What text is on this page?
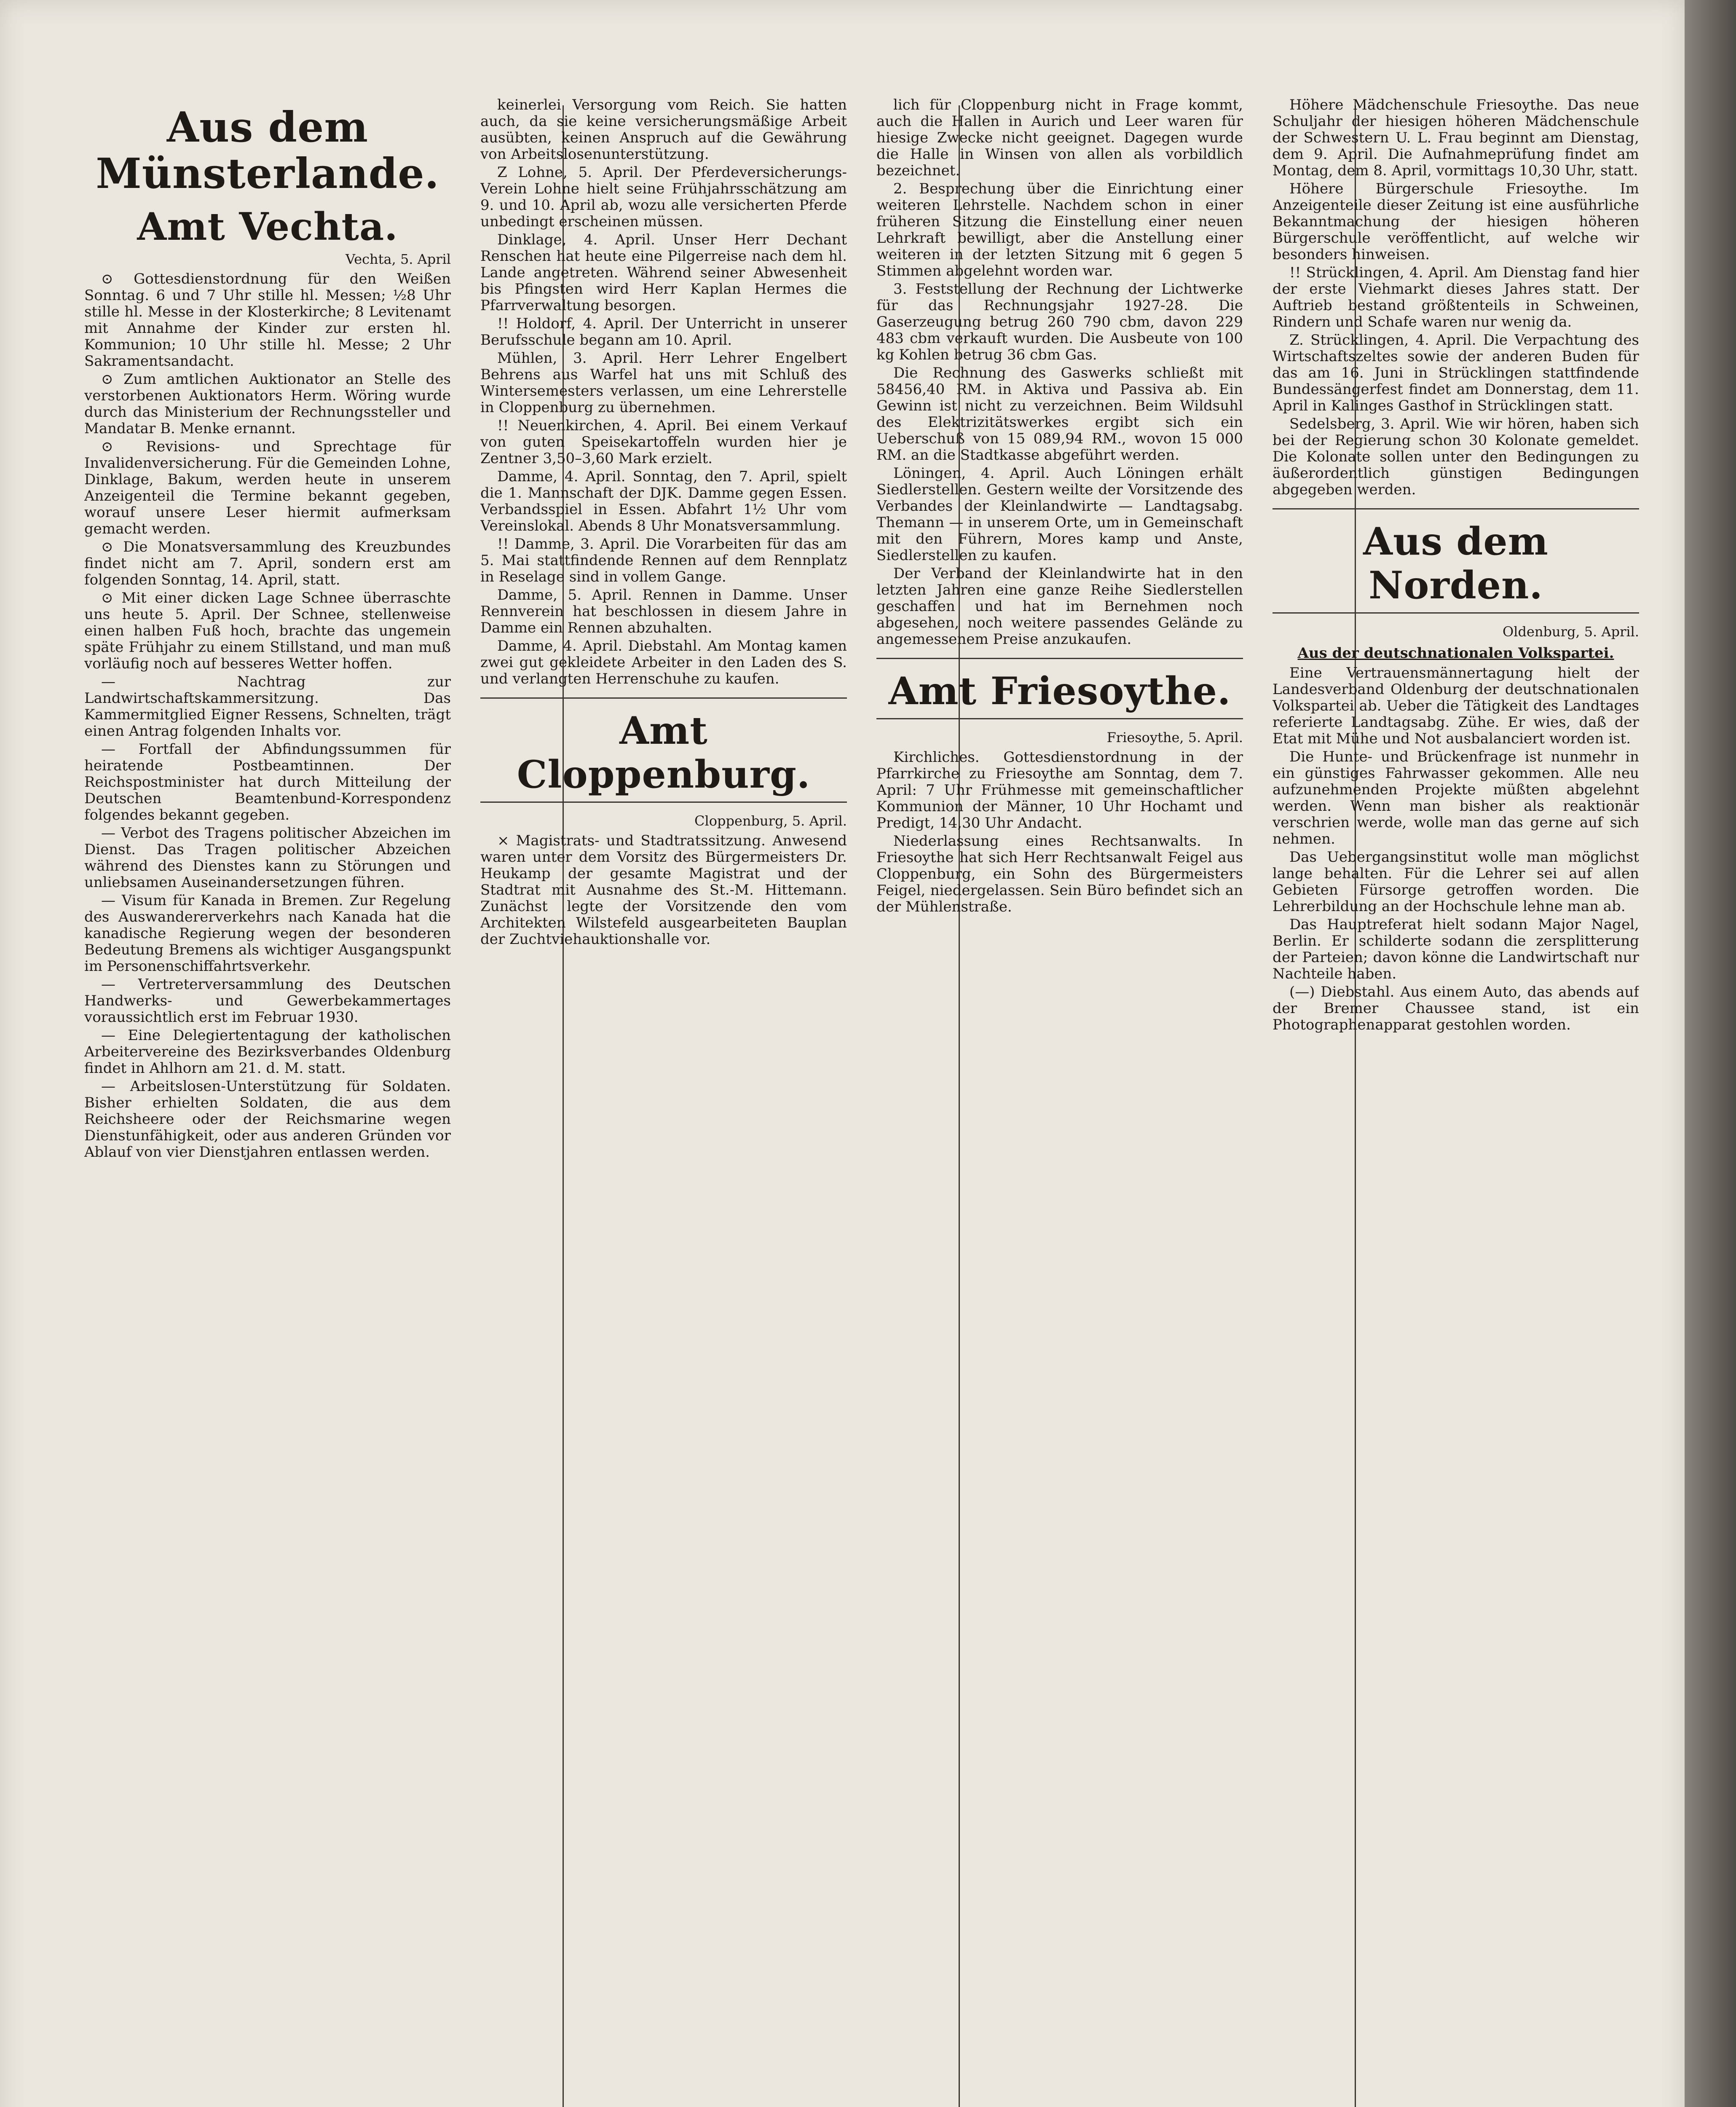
Aus dem Münsterlande.
Amt Vechta.
Vechta, 5. April

⊙ Gottesdienstordnung für den Weißen Sonntag. 6 und 7 Uhr stille hl. Messen; ½8 Uhr stille hl. Messe in der Klosterkirche; 8 Levitenamt mit Annahme der Kinder zur ersten hl. Kommunion; 10 Uhr stille hl. Messe; 2 Uhr Sakramentsandacht.

⊙ Zum amtlichen Auktionator an Stelle des verstorbenen Auktionators Herm. Wöring wurde durch das Ministerium der Rechnungssteller und Mandatar B. Menke ernannt.

⊙ Revisions- und Sprechtage für Invalidenversicherung. Für die Gemeinden Lohne, Dinklage, Bakum, werden heute in unserem Anzeigenteil die Termine bekannt gegeben, worauf unsere Leser hiermit aufmerksam gemacht werden.

⊙ Die Monatsversammlung des Kreuzbundes findet nicht am 7. April, sondern erst am folgenden Sonntag, 14. April, statt.

⊙ Mit einer dicken Lage Schnee überraschte uns heute 5. April. Der Schnee, stellenweise einen halben Fuß hoch, brachte das ungemein späte Frühjahr zu einem Stillstand, und man muß vorläufig noch auf besseres Wetter hoffen.

— Nachtrag zur Landwirtschaftskammersitzung. Das Kammermitglied Eigner Ressens, Schnelten, trägt einen Antrag folgenden Inhalts vor.

— Fortfall der Abfindungssummen für heiratende Postbeamtinnen. Der Reichspostminister hat durch Mitteilung der Deutschen Beamtenbund-Korrespondenz folgendes bekannt gegeben.

— Verbot des Tragens politischer Abzeichen im Dienst. Das Tragen politischer Abzeichen während des Dienstes kann zu Störungen und unliebsamen Auseinandersetzungen führen.

— Visum für Kanada in Bremen. Zur Regelung des Auswandererverkehrs nach Kanada hat die kanadische Regierung wegen der besonderen Bedeutung Bremens als wichtiger Ausgangspunkt im Personenschiffahrtsverkehr.

— Vertreterversammlung des Deutschen Handwerks- und Gewerbekammertages voraussichtlich erst im Februar 1930.

— Eine Delegiertentagung der katholischen Arbeitervereine des Bezirksverbandes Oldenburg findet in Ahlhorn am 21. d. M. statt.

— Arbeitslosen-Unterstützung für Soldaten. Bisher erhielten Soldaten, die aus dem Reichsheere oder der Reichsmarine wegen Dienstunfähigkeit, oder aus anderen Gründen vor Ablauf von vier Dienstjahren entlassen werden.

keinerlei Versorgung vom Reich. Sie hatten auch, da sie keine versicherungsmäßige Arbeit ausübten, keinen Anspruch auf die Gewährung von Arbeitslosenunterstützung.

Z Lohne, 5. April. Der Pferdeversicherungs-Verein Lohne hielt seine Frühjahrsschätzung am 9. und 10. April ab, wozu alle versicherten Pferde unbedingt erscheinen müssen.

Dinklage, 4. April. Unser Herr Dechant Renschen hat heute eine Pilgerreise nach dem hl. Lande angetreten. Während seiner Abwesenheit bis Pfingsten wird Herr Kaplan Hermes die Pfarrverwaltung besorgen.

!! Holdorf, 4. April. Der Unterricht in unserer Berufsschule begann am 10. April.

Mühlen, 3. April. Herr Lehrer Engelbert Behrens aus Warfel hat uns mit Schluß des Wintersemesters verlassen, um eine Lehrerstelle in Cloppenburg zu übernehmen.

!! Neuenkirchen, 4. April. Bei einem Verkauf von guten Speisekartoffeln wurden hier je Zentner 3,50–3,60 Mark erzielt.

Damme, 4. April. Sonntag, den 7. April, spielt die 1. Mannschaft der DJK. Damme gegen Essen. Verbandsspiel in Essen. Abfahrt 1½ Uhr vom Vereinslokal. Abends 8 Uhr Monatsversammlung.

!! Damme, 3. April. Die Vorarbeiten für das am 5. Mai stattfindende Rennen auf dem Rennplatz in Reselage sind in vollem Gange.

Damme, 5. April. Rennen in Damme. Unser Rennverein hat beschlossen in diesem Jahre in Damme ein Rennen abzuhalten.

Damme, 4. April. Diebstahl. Am Montag kamen zwei gut gekleidete Arbeiter in den Laden des S. und verlangten Herrenschuhe zu kaufen.

Amt Cloppenburg.
Cloppenburg, 5. April.

× Magistrats- und Stadtratssitzung. Anwesend waren unter dem Vorsitz des Bürgermeisters Dr. Heukamp der gesamte Magistrat und der Stadtrat mit Ausnahme des St.-M. Hittemann. Zunächst legte der Vorsitzende den vom Architekten Wilstefeld ausgearbeiteten Bauplan der Zuchtviehauktionshalle vor.

lich für Cloppenburg nicht in Frage kommt, auch die Hallen in Aurich und Leer waren für hiesige Zwecke nicht geeignet. Dagegen wurde die Halle in Winsen von allen als vorbildlich bezeichnet.

2. Besprechung über die Einrichtung einer weiteren Lehrstelle. Nachdem schon in einer früheren Sitzung die Einstellung einer neuen Lehrkraft bewilligt, aber die Anstellung einer weiteren in der letzten Sitzung mit 6 gegen 5 Stimmen abgelehnt worden war.

3. Feststellung der Rechnung der Lichtwerke für das Rechnungsjahr 1927-28. Die Gaserzeugung betrug 260 790 cbm, davon 229 483 cbm verkauft wurden. Die Ausbeute von 100 kg Kohlen betrug 36 cbm Gas.

Die Rechnung des Gaswerks schließt mit 58456,40 RM. in Aktiva und Passiva ab. Ein Gewinn ist nicht zu verzeichnen. Beim Wildsuhl des Elektrizitätswerkes ergibt sich ein Ueberschuß von 15 089,94 RM., wovon 15 000 RM. an die Stadtkasse abgeführt werden.

Löningen, 4. April. Auch Löningen erhält Siedlerstellen. Gestern weilte der Vorsitzende des Verbandes der Kleinlandwirte — Landtagsabg. Themann — in unserem Orte, um in Gemeinschaft mit den Führern, Mores kamp und Anste, Siedlerstellen zu kaufen.

Der Verband der Kleinlandwirte hat in den letzten Jahren eine ganze Reihe Siedlerstellen geschaffen und hat im Bernehmen noch abgesehen, noch weitere passendes Gelände zu angemessenem Preise anzukaufen.

Amt Friesoythe.
Friesoythe, 5. April.

Kirchliches. Gottesdienstordnung in der Pfarrkirche zu Friesoythe am Sonntag, dem 7. April: 7 Uhr Frühmesse mit gemeinschaftlicher Kommunion der Männer, 10 Uhr Hochamt und Predigt, 14,30 Uhr Andacht.

Niederlassung eines Rechtsanwalts. In Friesoythe hat sich Herr Rechtsanwalt Feigel aus Cloppenburg, ein Sohn des Bürgermeisters Feigel, niedergelassen. Sein Büro befindet sich an der Mühlenstraße.

Höhere Mädchenschule Friesoythe. Das neue Schuljahr der hiesigen höheren Mädchenschule der Schwestern U. L. Frau beginnt am Dienstag, dem 9. April. Die Aufnahmeprüfung findet am Montag, dem 8. April, vormittags 10,30 Uhr, statt.

Höhere Bürgerschule Friesoythe. Im Anzeigenteile dieser Zeitung ist eine ausführliche Bekanntmachung der hiesigen höheren Bürgerschule veröffentlicht, auf welche wir besonders hinweisen.

!! Strücklingen, 4. April. Am Dienstag fand hier der erste Viehmarkt dieses Jahres statt. Der Auftrieb bestand größtenteils in Schweinen, Rindern und Schafe waren nur wenig da.

Z. Strücklingen, 4. April. Die Verpachtung des Wirtschaftszeltes sowie der anderen Buden für das am 16. Juni in Strücklingen stattfindende Bundessängerfest findet am Donnerstag, dem 11. April in Kalinges Gasthof in Strücklingen statt.

Sedelsberg, 3. April. Wie wir hören, haben sich bei der Regierung schon 30 Kolonate gemeldet. Die Kolonate sollen unter den Bedingungen zu äußerordentlich günstigen Bedingungen abgegeben werden.

Aus dem Norden.
Oldenburg, 5. April.
Aus der deutschnationalen Volkspartei.

Eine Vertrauensmännertagung hielt der Landesverband Oldenburg der deutschnationalen Volkspartei ab. Ueber die Tätigkeit des Landtages referierte Landtagsabg. Zühe. Er wies, daß der Etat mit Mühe und Not ausbalanciert worden ist.

Die Hunte- und Brückenfrage ist nunmehr in ein günstiges Fahrwasser gekommen. Alle neu aufzunehmenden Projekte müßten abgelehnt werden. Wenn man bisher als reaktionär verschrien werde, wolle man das gerne auf sich nehmen.

Das Uebergangsinstitut wolle man möglichst lange behalten. Für die Lehrer sei auf allen Gebieten Fürsorge getroffen worden. Die Lehrerbildung an der Hochschule lehne man ab.

Das Hauptreferat hielt sodann Major Nagel, Berlin. Er schilderte sodann die zersplitterung der Parteien; davon könne die Landwirtschaft nur Nachteile haben.

(—) Diebstahl. Aus einem Auto, das abends auf der Bremer Chaussee stand, ist ein Photographenapparat gestohlen worden.
